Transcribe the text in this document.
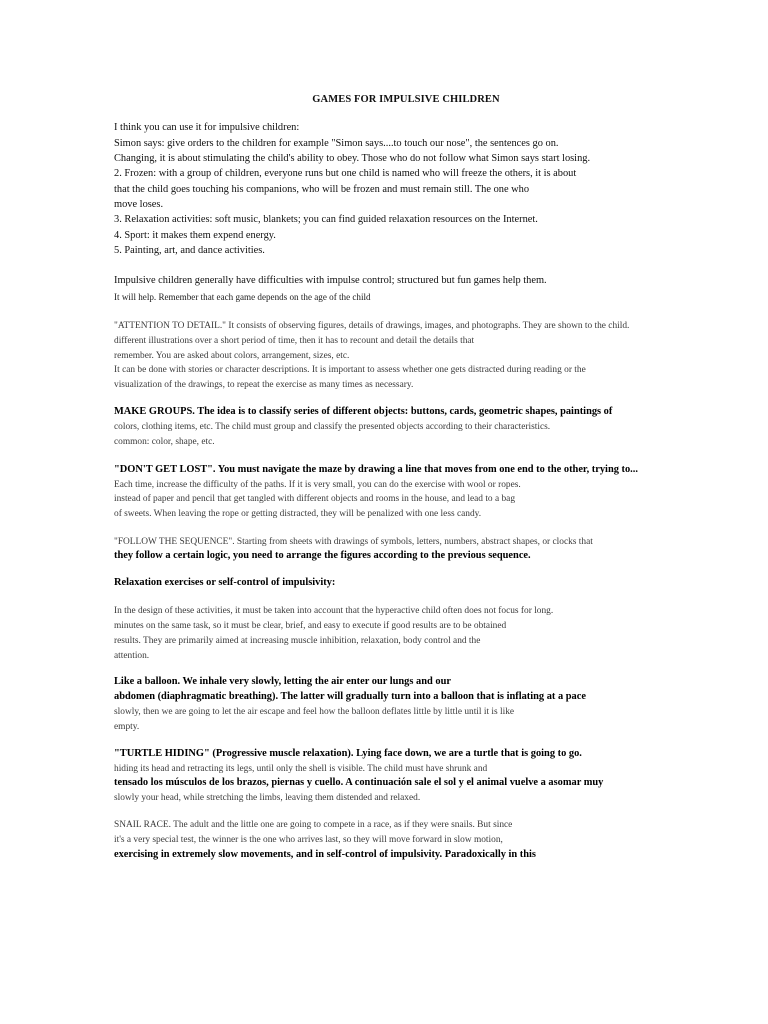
GAMES FOR IMPULSIVE CHILDREN
I think you can use it for impulsive children:
Simon says: give orders to the children for example "Simon says....to touch our nose", the sentences go on.
Changing, it is about stimulating the child's ability to obey. Those who do not follow what Simon says start losing.
2. Frozen: with a group of children, everyone runs but one child is named who will freeze the others, it is about
that the child goes touching his companions, who will be frozen and must remain still. The one who
move loses.
3. Relaxation activities: soft music, blankets; you can find guided relaxation resources on the Internet.
4. Sport: it makes them expend energy.
5. Painting, art, and dance activities.
Impulsive children generally have difficulties with impulse control; structured but fun games help them.
It will help. Remember that each game depends on the age of the child
"ATTENTION TO DETAIL." It consists of observing figures, details of drawings, images, and photographs. They are shown to the child.
different illustrations over a short period of time, then it has to recount and detail the details that
remember. You are asked about colors, arrangement, sizes, etc.
It can be done with stories or character descriptions. It is important to assess whether one gets distracted during reading or the
visualization of the drawings, to repeat the exercise as many times as necessary.
MAKE GROUPS. The idea is to classify series of different objects: buttons, cards, geometric shapes, paintings of
colors, clothing items, etc. The child must group and classify the presented objects according to their characteristics.
common: color, shape, etc.
"DON'T GET LOST". You must navigate the maze by drawing a line that moves from one end to the other, trying to...
Each time, increase the difficulty of the paths. If it is very small, you can do the exercise with wool or ropes.
instead of paper and pencil that get tangled with different objects and rooms in the house, and lead to a bag
of sweets. When leaving the rope or getting distracted, they will be penalized with one less candy.
"FOLLOW THE SEQUENCE". Starting from sheets with drawings of symbols, letters, numbers, abstract shapes, or clocks that
they follow a certain logic, you need to arrange the figures according to the previous sequence.
Relaxation exercises or self-control of impulsivity:
In the design of these activities, it must be taken into account that the hyperactive child often does not focus for long.
minutes on the same task, so it must be clear, brief, and easy to execute if good results are to be obtained
results. They are primarily aimed at increasing muscle inhibition, relaxation, body control and the
attention.
Like a balloon. We inhale very slowly, letting the air enter our lungs and our
abdomen (diaphragmatic breathing). The latter will gradually turn into a balloon that is inflating at a pace
slowly, then we are going to let the air escape and feel how the balloon deflates little by little until it is like
empty.
"TURTLE HIDING" (Progressive muscle relaxation). Lying face down, we are a turtle that is going to go.
hiding its head and retracting its legs, until only the shell is visible. The child must have shrunk and
tensado los músculos de los brazos, piernas y cuello. A continuación sale el sol y el animal vuelve a asomar muy
slowly your head, while stretching the limbs, leaving them distended and relaxed.
SNAIL RACE. The adult and the little one are going to compete in a race, as if they were snails. But since
it's a very special test, the winner is the one who arrives last, so they will move forward in slow motion,
exercising in extremely slow movements, and in self-control of impulsivity. Paradoxically in this
